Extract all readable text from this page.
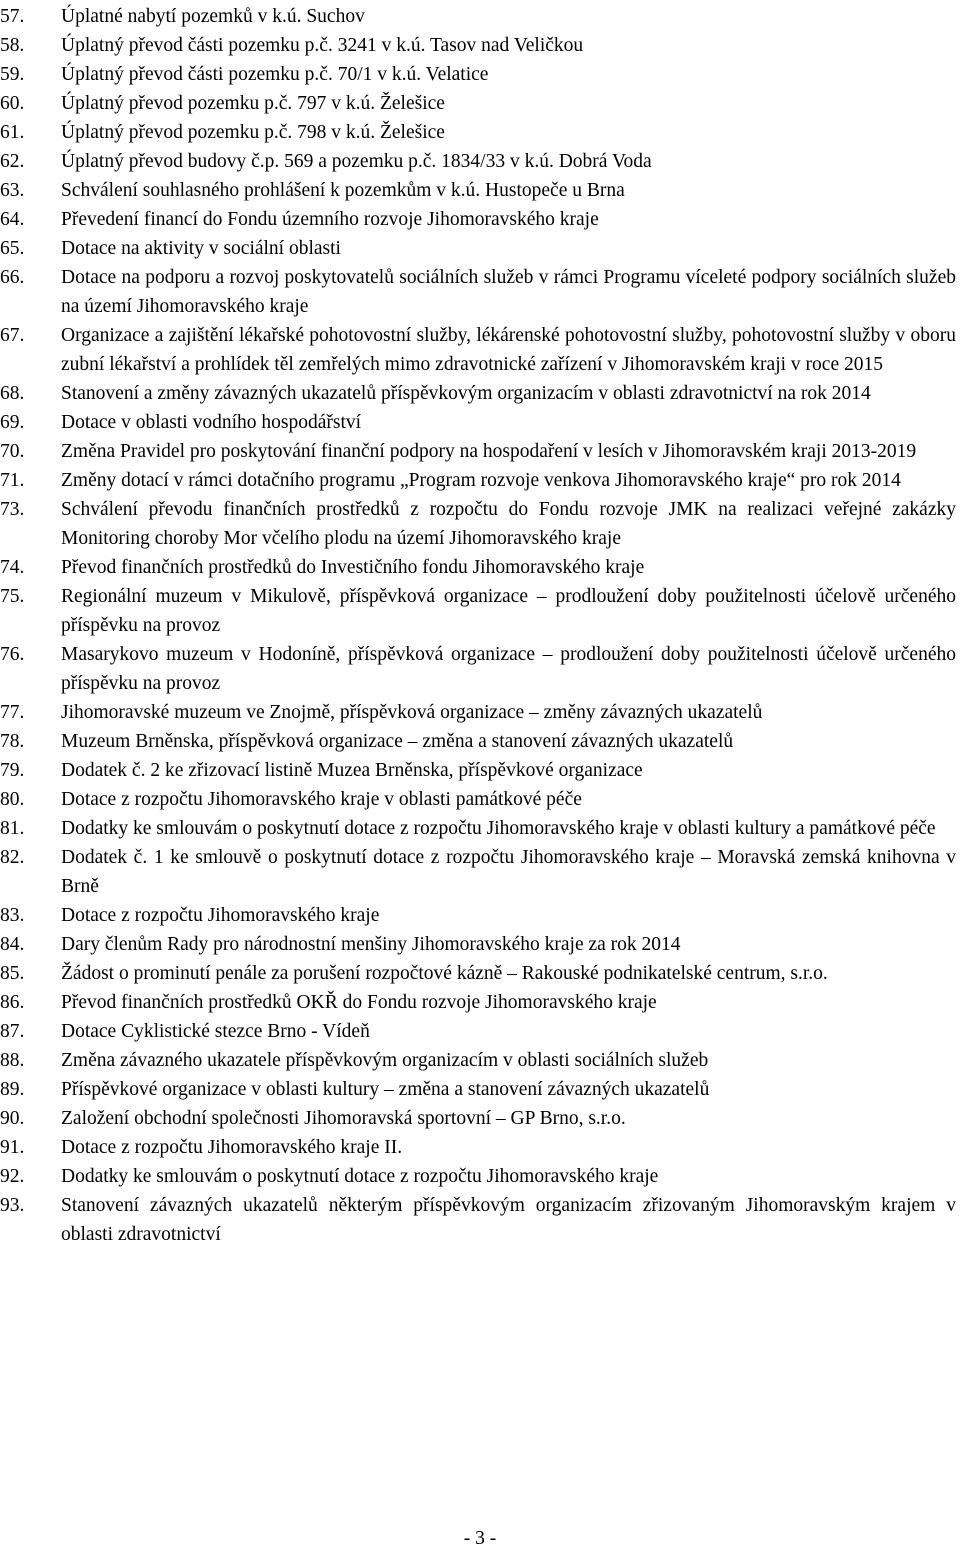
57. Úplatné nabytí pozemků v k.ú. Suchov
58. Úplatný převod části pozemku p.č. 3241 v k.ú. Tasov nad Veličkou
59. Úplatný převod části pozemku p.č. 70/1 v k.ú. Velatice
60. Úplatný převod pozemku p.č. 797 v k.ú. Želešice
61. Úplatný převod pozemku p.č. 798 v k.ú. Želešice
62. Úplatný převod budovy č.p. 569 a pozemku p.č. 1834/33 v k.ú. Dobrá Voda
63. Schválení souhlasného prohlášení k pozemkům v k.ú. Hustopeče u Brna
64. Převedení financí do Fondu územního rozvoje Jihomoravského kraje
65. Dotace na aktivity v sociální oblasti
66. Dotace na podporu a rozvoj poskytovatelů sociálních služeb v rámci Programu víceleté podpory sociálních služeb na území Jihomoravského kraje
67. Organizace a zajištění lékařské pohotovostní služby, lékárenské pohotovostní služby, pohotovostní služby v oboru zubní lékařství a prohlídek těl zemřelých mimo zdravotnické zařízení v Jihomoravském kraji v roce 2015
68. Stanovení a změny závazných ukazatelů příspěvkovým organizacím v oblasti zdravotnictví na rok 2014
69. Dotace v oblasti vodního hospodářství
70. Změna Pravidel pro poskytování finanční podpory na hospodaření v lesích v Jihomoravském kraji 2013-2019
71. Změny dotací v rámci dotačního programu „Program rozvoje venkova Jihomoravského kraje“ pro rok 2014
73. Schválení převodu finančních prostředků z rozpočtu do Fondu rozvoje JMK na realizaci veřejné zakázky Monitoring choroby Mor včelího plodu na území Jihomoravského kraje
74. Převod finančních prostředků do Investičního fondu Jihomoravského kraje
75. Regionální muzeum v Mikulově, příspěvková organizace – prodloužení doby použitelnosti účelově určeného příspěvku na provoz
76. Masarykovo muzeum v Hodoníně, příspěvková organizace – prodloužení doby použitelnosti účelově určeného příspěvku na provoz
77. Jihomoravské muzeum ve Znojmě, příspěvková organizace – změny závazných ukazatelů
78. Muzeum Brněnska, příspěvková organizace – změna a stanovení závazných ukazatelů
79. Dodatek č. 2 ke zřizovací listině Muzea Brněnska, příspěvkové organizace
80. Dotace z rozpočtu Jihomoravského kraje v oblasti památkové péče
81. Dodatky ke smlouvám o poskytnutí dotace z rozpočtu Jihomoravského kraje v oblasti kultury a památkové péče
82. Dodatek č. 1 ke smlouvě o poskytnutí dotace z rozpočtu Jihomoravského kraje – Moravská zemská knihovna v Brně
83. Dotace z rozpočtu Jihomoravského kraje
84. Dary členům Rady pro národnostní menšiny Jihomoravského kraje za rok 2014
85. Žádost o prominutí penále za porušení rozpočtové kázně – Rakouské podnikatelské centrum, s.r.o.
86. Převod finančních prostředků OKŘ do Fondu rozvoje Jihomoravského kraje
87. Dotace Cyklistické stezce Brno - Vídeň
88. Změna závazného ukazatele příspěvkovým organizacím v oblasti sociálních služeb
89. Příspěvkové organizace v oblasti kultury – změna a stanovení závazných ukazatelů
90. Založení obchodní společnosti Jihomoravská sportovní – GP Brno, s.r.o.
91. Dotace z rozpočtu Jihomoravského kraje II.
92. Dodatky ke smlouvám o poskytnutí dotace z rozpočtu Jihomoravského kraje
93. Stanovení závazných ukazatelů některým příspěvkovým organizacím zřizovaným Jihomoravským krajem v oblasti zdravotnictví
- 3 -
